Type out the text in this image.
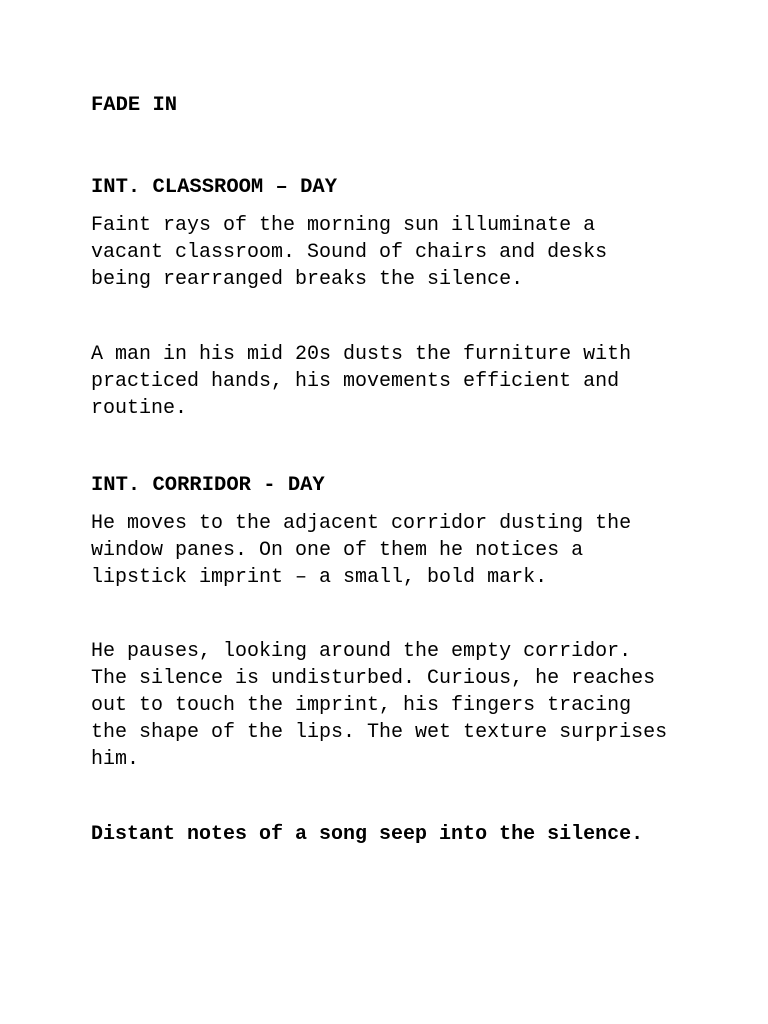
FADE IN

INT. CLASSROOM – DAY

Faint rays of the morning sun illuminate a
vacant classroom. Sound of chairs and desks
being rearranged breaks the silence.

A man in his mid 20s dusts the furniture with
practiced hands, his movements efficient and
routine.

INT. CORRIDOR - DAY

He moves to the adjacent corridor dusting the
window panes. On one of them he notices a
lipstick imprint – a small, bold mark.

He pauses, looking around the empty corridor.
The silence is undisturbed. Curious, he reaches
out to touch the imprint, his fingers tracing
the shape of the lips. The wet texture surprises
him.

Distant notes of a song seep into the silence.
